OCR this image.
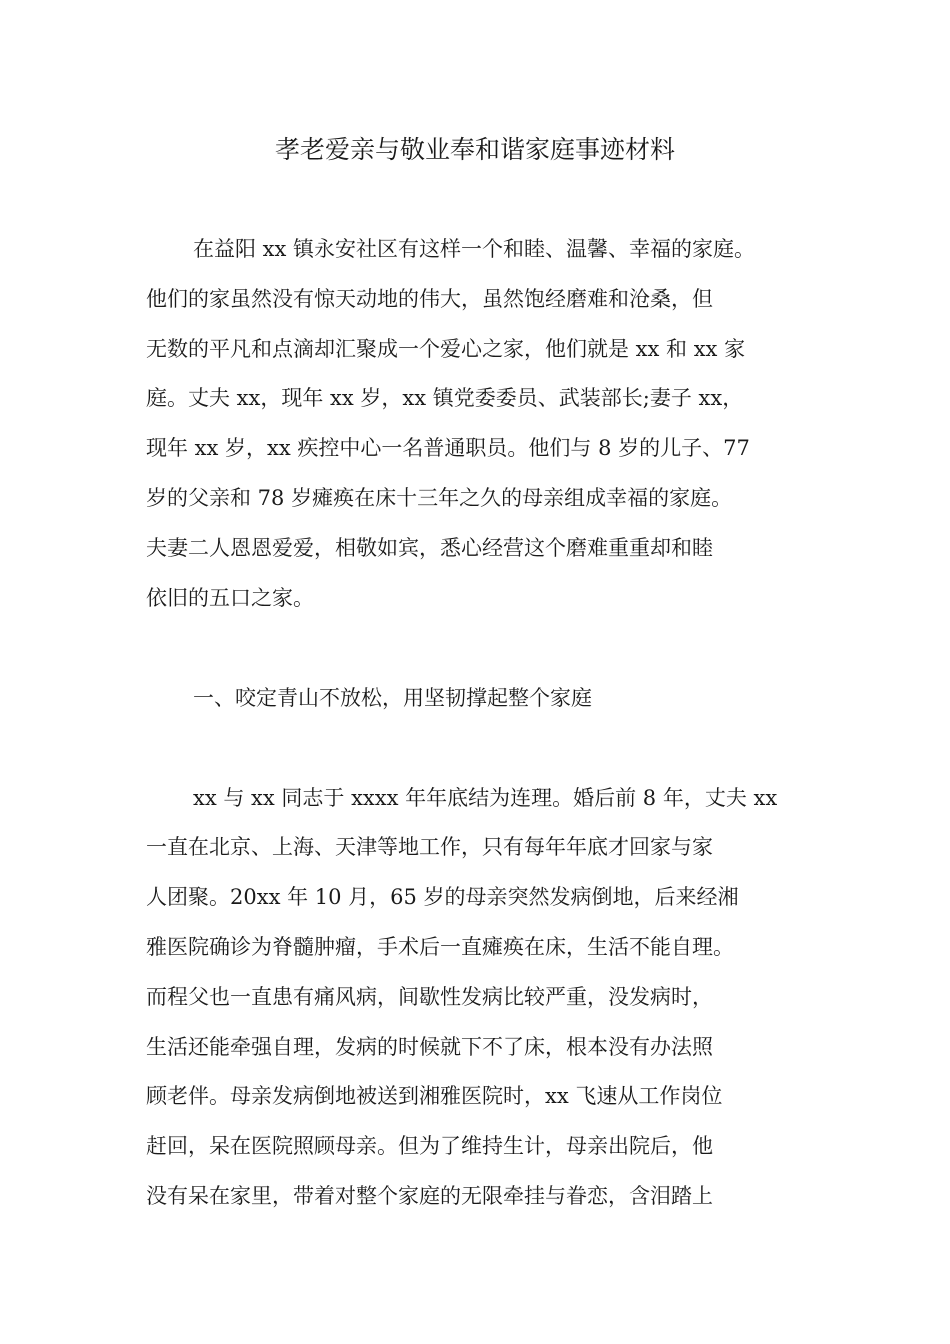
孝老爱亲与敬业奉和谐家庭事迹材料

在益阳 xx 镇永安社区有这样一个和睦、温馨、幸福的家庭。

他们的家虽然没有惊天动地的伟大，虽然饱经磨难和沧桑，但

无数的平凡和点滴却汇聚成一个爱心之家，他们就是 xx 和 xx 家

庭。丈夫 xx，现年 xx 岁，xx 镇党委委员、武装部长;妻子 xx，

现年 xx 岁，xx 疾控中心一名普通职员。他们与 8 岁的儿子、77

岁的父亲和 78 岁瘫痪在床十三年之久的母亲组成幸福的家庭。

夫妻二人恩恩爱爱，相敬如宾，悉心经营这个磨难重重却和睦

依旧的五口之家。

一、咬定青山不放松，用坚韧撑起整个家庭

xx 与 xx 同志于 xxxx 年年底结为连理。婚后前 8 年，丈夫 xx

一直在北京、上海、天津等地工作，只有每年年底才回家与家

人团聚。20xx 年 10 月，65 岁的母亲突然发病倒地，后来经湘

雅医院确诊为脊髓肿瘤，手术后一直瘫痪在床，生活不能自理。

而程父也一直患有痛风病，间歇性发病比较严重，没发病时，

生活还能牵强自理，发病的时候就下不了床，根本没有办法照

顾老伴。母亲发病倒地被送到湘雅医院时，xx 飞速从工作岗位

赶回，呆在医院照顾母亲。但为了维持生计，母亲出院后，他

没有呆在家里，带着对整个家庭的无限牵挂与眷恋，含泪踏上
